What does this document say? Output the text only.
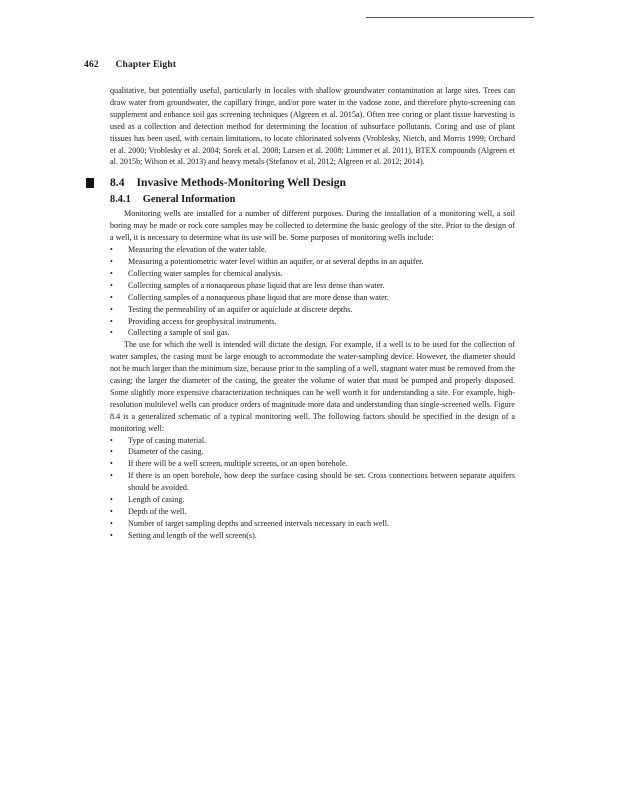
462 Chapter Eight

qualitative, but potentially useful, particularly in locales with shallow groundwater contamination at large sites. Trees can draw water from groundwater, the capillary fringe, and/or pore water in the vadose zone, and therefore phyto-screening can supplement and enhance soil gas screening techniques (Algreen et al. 2015a). Often tree coring or plant tissue harvesting is used as a collection and detection method for determining the location of subsurface pollutants. Coring and use of plant tissues has been used, with certain limitations, to locate chlorinated solvents (Vroblesky, Nietch, and Morris 1999; Orchard et al. 2000; Vroblesky et al. 2004; Sorek et al. 2008; Larsen et al. 2008; Limmer et al. 2011), BTEX compounds (Algreen et al. 2015b; Wilson et al. 2013) and heavy metals (Stefanov et al. 2012; Algreen et al. 2012; 2014).

8.4 Invasive Methods-Monitoring Well Design
8.4.1 General Information

Monitoring wells are installed for a number of different purposes. During the installation of a monitoring well, a soil boring may be made or rock core samples may be collected to determine the basic geology of the site. Prior to the design of a well, it is necessary to determine what its use will be. Some purposes of monitoring wells include:

• Measuring the elevation of the water table.
• Measuring a potentiometric water level within an aquifer, or at several depths in an aquifer.
• Collecting water samples for chemical analysis.
• Collecting samples of a nonaqueous phase liquid that are less dense than water.
• Collecting samples of a nonaqueous phase liquid that are more dense than water.
• Testing the permeability of an aquifer or aquiclude at discrete depths.
• Providing access for geophysical instruments.
• Collecting a sample of soil gas.

The use for which the well is intended will dictate the design. For example, if a well is to be used for the collection of water samples, the casing must be large enough to accommodate the water-sampling device. However, the diameter should not be much larger than the minimum size, because prior to the sampling of a well, stagnant water must be removed from the casing; the larger the diameter of the casing, the greater the volume of water that must be pumped and properly disposed. Some slightly more expensive characterization techniques can be well worth it for understanding a site. For example, high-resolution multilevel wells can produce orders of magnitude more data and understanding than single-screened wells. Figure 8.4 is a generalized schematic of a typical monitoring well. The following factors should be specified in the design of a monitoring well:

• Type of casing material.
• Diameter of the casing.
• If there will be a well screen, multiple screens, or an open borehole.
• If there is an open borehole, how deep the surface casing should be set. Cross connections between separate aquifers should be avoided.
• Length of casing.
• Depth of the well.
• Number of target sampling depths and screened intervals necessary in each well.
• Setting and length of the well screen(s).
